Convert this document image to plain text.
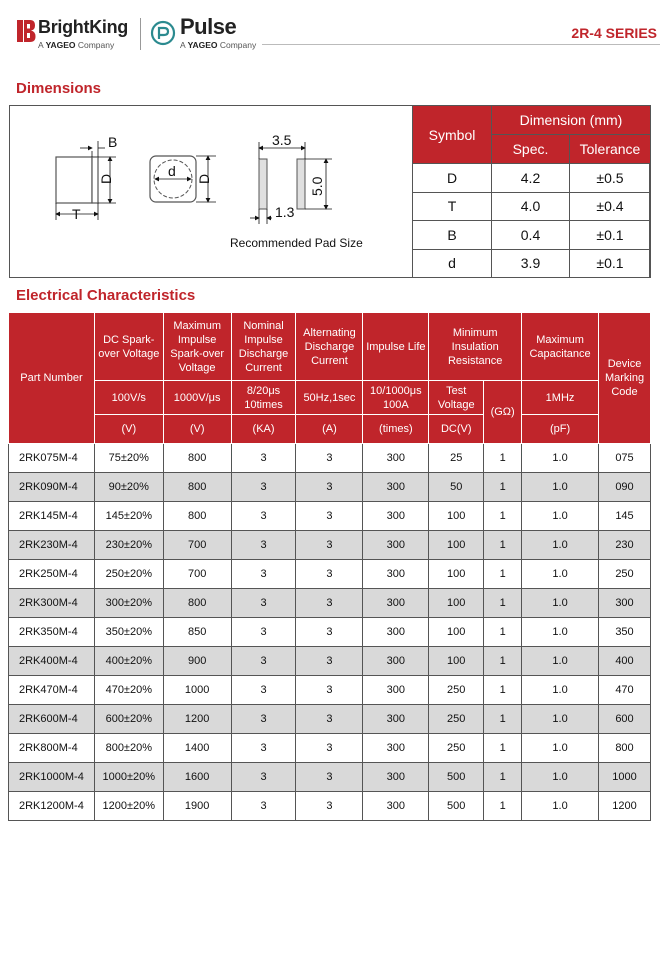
BrightKing
A YAGEO Company
Pulse
A YAGEO Company
2R-4 SERIES
Dimensions
B
D
T
d D
3.5
5.0
1.3
Recommended Pad Size
Symbol	Dimension (mm)	
	Spec.	Tolerance
D	4.2	±0.5
T	4.0	±0.4
B	0.4	±0.1
d	3.9	±0.1
Electrical Characteristics
Part Number	DC Spark-over Voltage	Maximum Impulse Spark-over Voltage	Nominal Impulse Discharge Current	Alternating Discharge Current	Impulse Life	Minimum Insulation Resistance		Maximum Capacitance	Device Marking Code
	100V/s	1000V/μs	8/20μs 10times	50Hz,1sec	10/1000μs 100A	Test Voltage	(GΩ)	1MHz	
	(V)	(V)	(KA)	(A)	(times)	DC(V)		(pF)	
2RK075M-4	75±20%	800	3	3	300	25	1	1.0	075
2RK090M-4	90±20%	800	3	3	300	50	1	1.0	090
2RK145M-4	145±20%	800	3	3	300	100	1	1.0	145
2RK230M-4	230±20%	700	3	3	300	100	1	1.0	230
2RK250M-4	250±20%	700	3	3	300	100	1	1.0	250
2RK300M-4	300±20%	800	3	3	300	100	1	1.0	300
2RK350M-4	350±20%	850	3	3	300	100	1	1.0	350
2RK400M-4	400±20%	900	3	3	300	100	1	1.0	400
2RK470M-4	470±20%	1000	3	3	300	250	1	1.0	470
2RK600M-4	600±20%	1200	3	3	300	250	1	1.0	600
2RK800M-4	800±20%	1400	3	3	300	250	1	1.0	800
2RK1000M-4	1000±20%	1600	3	3	300	500	1	1.0	1000
2RK1200M-4	1200±20%	1900	3	3	300	500	1	1.0	1200
